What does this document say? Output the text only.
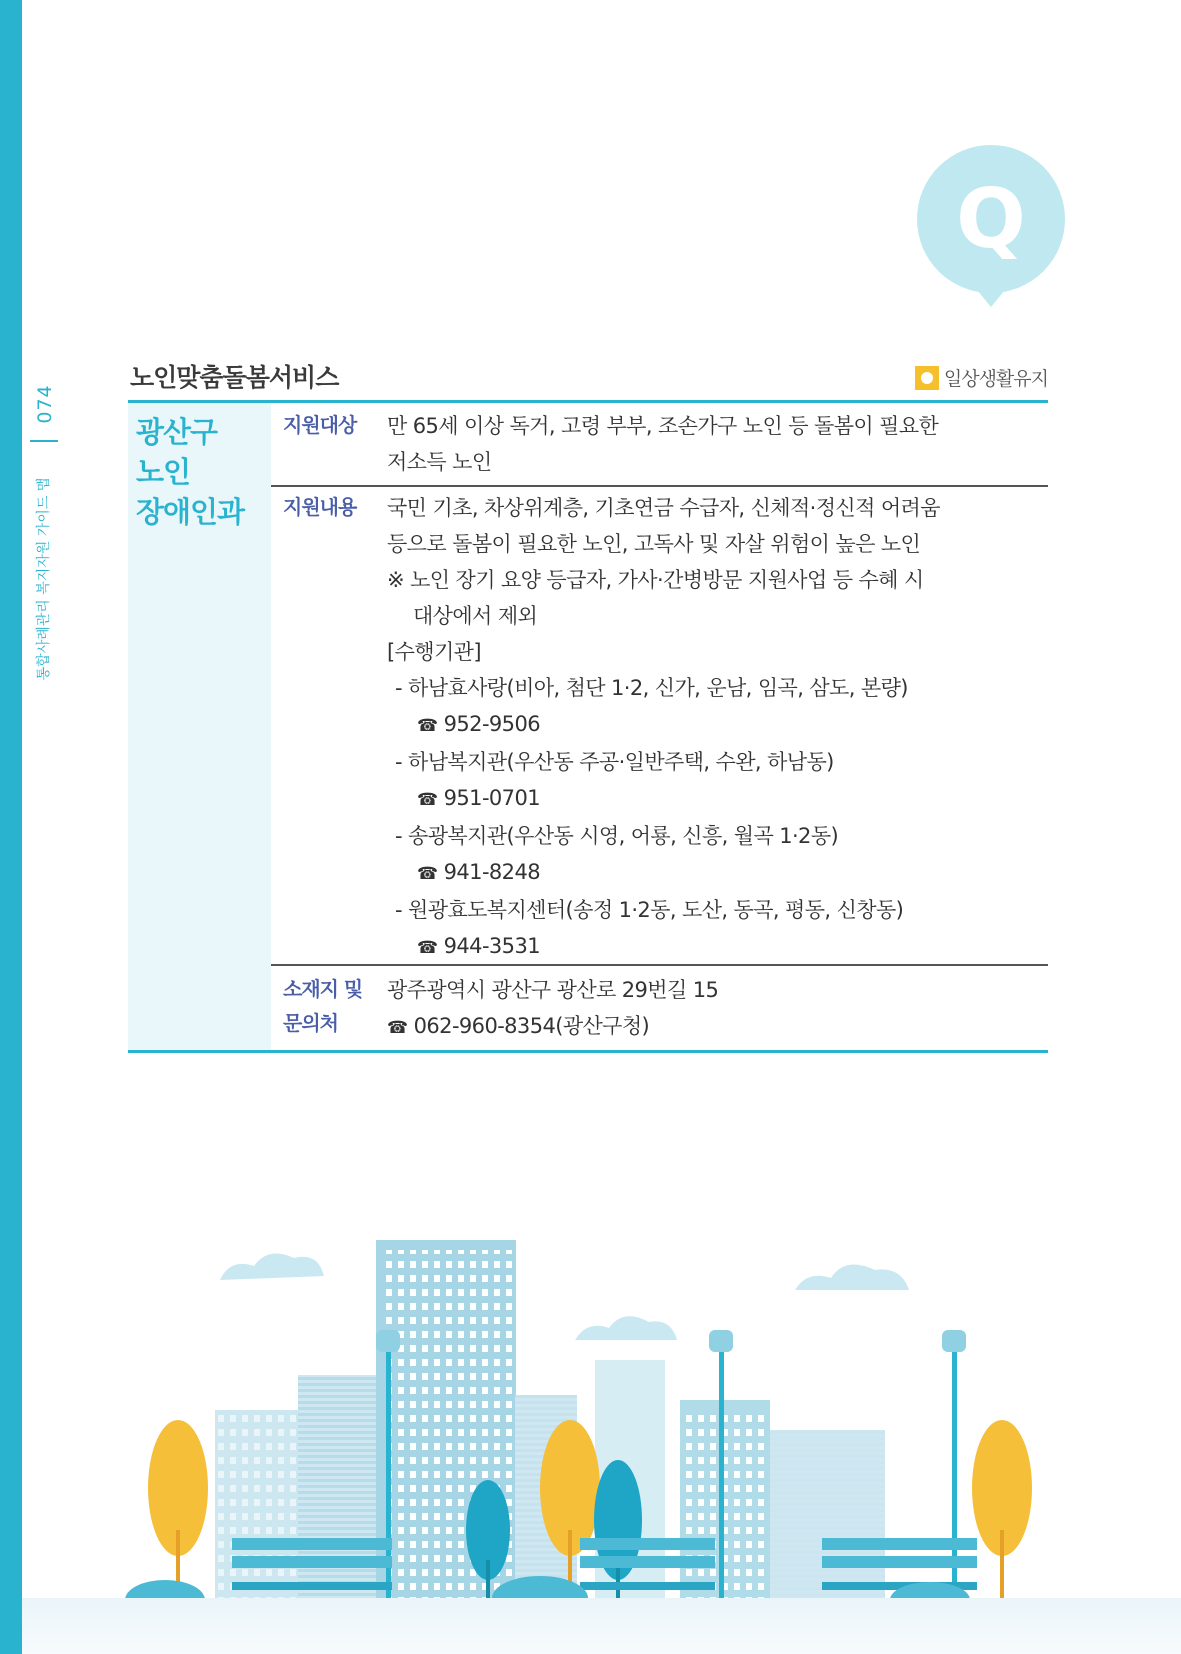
074
통합사례관리 복지자원 가이드 맵
Q
노인맞춤돌봄서비스	일상생활유지
광산구
노인
장애인과
지원대상 만 65세 이상 독거, 고령 부부, 조손가구 노인 등 돌봄이 필요한
저소득 노인
지원내용 국민 기초, 차상위계층, 기초연금 수급자, 신체적·정신적 어려움
등으로 돌봄이 필요한 노인, 고독사 및 자살 위험이 높은 노인
※ 노인 장기 요양 등급자, 가사·간병방문 지원사업 등 수혜 시
대상에서 제외
[수행기관]
- 하남효사랑(비아, 첨단 1·2, 신가, 운남, 임곡, 삼도, 본량)
☎ 952-9506
- 하남복지관(우산동 주공·일반주택, 수완, 하남동)
☎ 951-0701
- 송광복지관(우산동 시영, 어룡, 신흥, 월곡 1·2동)
☎ 941-8248
- 원광효도복지센터(송정 1·2동, 도산, 동곡, 평동, 신창동)
☎ 944-3531
소재지 및
문의처
광주광역시 광산구 광산로 29번길 15
☎ 062-960-8354(광산구청)
